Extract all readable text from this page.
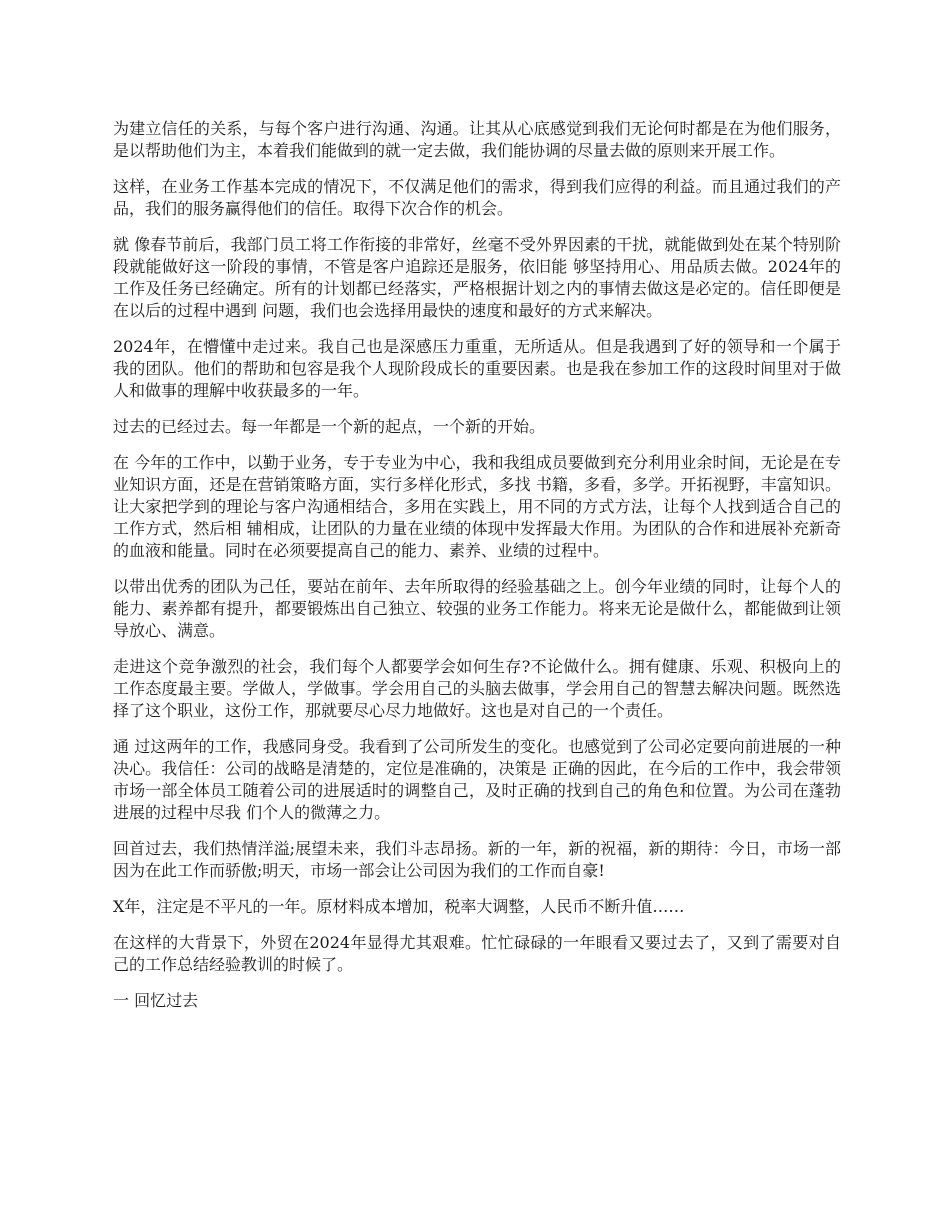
为建立信任的关系，与每个客户进行沟通、沟通。让其从心底感觉到我们无论何时都是在为他们服务，是以帮助他们为主，本着我们能做到的就一定去做，我们能协调的尽量去做的原则来开展工作。

这样，在业务工作基本完成的情况下，不仅满足他们的需求，得到我们应得的利益。而且通过我们的产品，我们的服务赢得他们的信任。取得下次合作的机会。

就 像春节前后，我部门员工将工作衔接的非常好，丝毫不受外界因素的干扰，就能做到处在某个特别阶段就能做好这一阶段的事情，不管是客户追踪还是服务，依旧能 够坚持用心、用品质去做。2024年的工作及任务已经确定。所有的计划都已经落实，严格根据计划之内的事情去做这是必定的。信任即便是在以后的过程中遇到 问题，我们也会选择用最快的速度和最好的方式来解决。

2024年，在懵懂中走过来。我自己也是深感压力重重，无所适从。但是我遇到了好的领导和一个属于我的团队。他们的帮助和包容是我个人现阶段成长的重要因素。也是我在参加工作的这段时间里对于做人和做事的理解中收获最多的一年。

过去的已经过去。每一年都是一个新的起点，一个新的开始。

在 今年的工作中，以勤于业务，专于专业为中心，我和我组成员要做到充分利用业余时间，无论是在专业知识方面，还是在营销策略方面，实行多样化形式，多找 书籍，多看，多学。开拓视野，丰富知识。让大家把学到的理论与客户沟通相结合，多用在实践上，用不同的方式方法，让每个人找到适合自己的工作方式，然后相 辅相成，让团队的力量在业绩的体现中发挥最大作用。为团队的合作和进展补充新奇的血液和能量。同时在必须要提高自己的能力、素养、业绩的过程中。

以带出优秀的团队为己任，要站在前年、去年所取得的经验基础之上。创今年业绩的同时，让每个人的能力、素养都有提升，都要锻炼出自己独立、较强的业务工作能力。将来无论是做什么，都能做到让领导放心、满意。

走进这个竞争激烈的社会，我们每个人都要学会如何生存?不论做什么。拥有健康、乐观、积极向上的工作态度最主要。学做人，学做事。学会用自己的头脑去做事，学会用自己的智慧去解决问题。既然选择了这个职业，这份工作，那就要尽心尽力地做好。这也是对自己的一个责任。

通 过这两年的工作，我感同身受。我看到了公司所发生的变化。也感觉到了公司必定要向前进展的一种决心。我信任：公司的战略是清楚的，定位是准确的，决策是 正确的因此，在今后的工作中，我会带领市场一部全体员工随着公司的进展适时的调整自己，及时正确的找到自己的角色和位置。为公司在蓬勃进展的过程中尽我 们个人的微薄之力。

回首过去，我们热情洋溢;展望未来，我们斗志昂扬。新的一年，新的祝福，新的期待：今日，市场一部因为在此工作而骄傲;明天，市场一部会让公司因为我们的工作而自豪!

X年，注定是不平凡的一年。原材料成本增加，税率大调整，人民币不断升值……

在这样的大背景下，外贸在2024年显得尤其艰难。忙忙碌碌的一年眼看又要过去了，又到了需要对自己的工作总结经验教训的时候了。

一 回忆过去
